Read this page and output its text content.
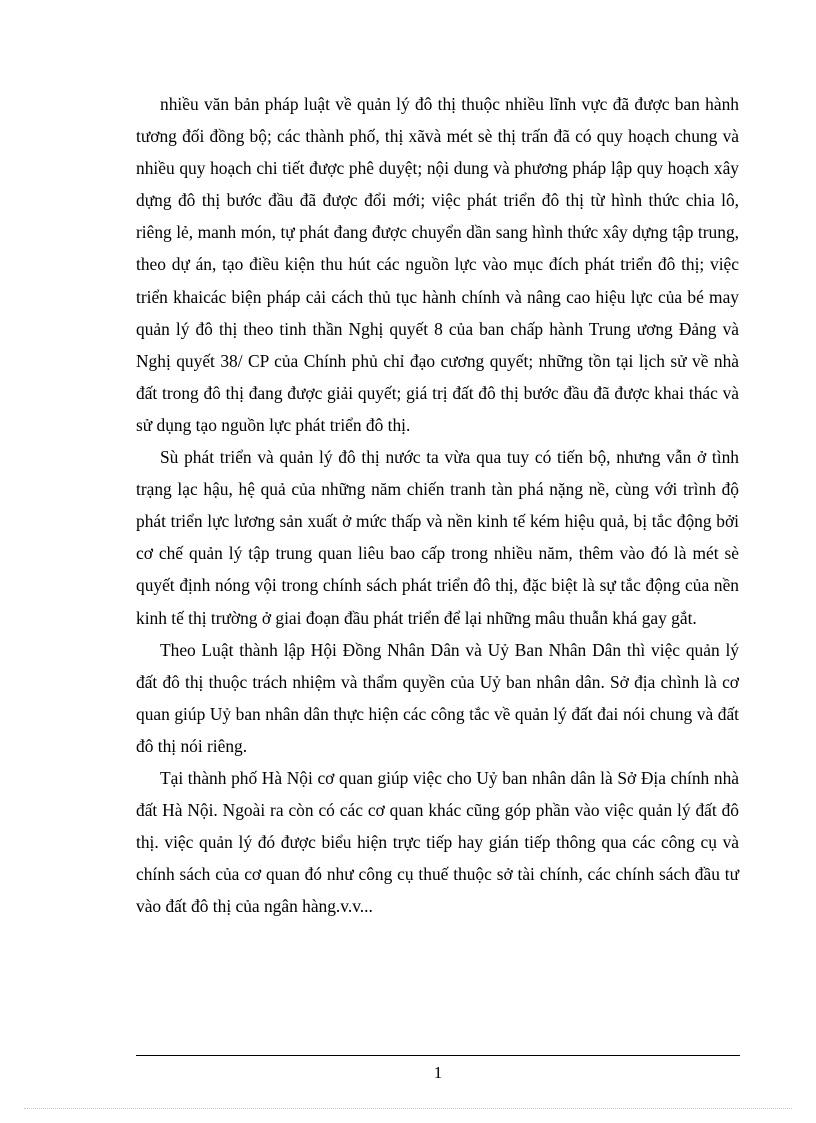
nhiều văn bản pháp luật về quản lý đô thị thuộc nhiều lĩnh vực đã được ban hành tương đối đồng bộ; các thành phố, thị xãvà mét sè thị trấn đã có quy hoạch chung và nhiều quy hoạch chi tiết được phê duyệt; nội dung và phương pháp lập quy hoạch xây dựng đô thị bước đầu đã được đổi mới; việc phát triển đô thị từ hình thức chia lô, riêng lẻ, manh món, tự phát đang được chuyển dần sang hình thức xây dựng tập trung, theo dự án, tạo điều kiện thu hút các nguồn lực vào mục đích phát triển đô thị; việc triển khaicác biện pháp cải cách thủ tục hành chính và nâng cao hiệu lực của bé may quản lý đô thị theo tinh thần Nghị quyết 8 của ban chấp hành Trung ương Đảng và Nghị quyết 38/ CP của Chính phủ chỉ đạo cương quyết; những tồn tại lịch sử về nhà đất trong đô thị đang được giải quyết; giá trị đất đô thị bước đầu đã được khai thác và sử dụng tạo nguồn lực phát triển đô thị.

Sù phát triển và quản lý đô thị nước ta vừa qua tuy có tiến bộ, nhưng vẫn ở tình trạng lạc hậu, hệ quả của những năm chiến tranh tàn phá nặng nề, cùng với trình độ phát triển lực lương sản xuất ở mức thấp và nền kinh tế kém hiệu quả, bị tắc động bởi cơ chế quản lý tập trung quan liêu bao cấp trong nhiều năm, thêm vào đó là mét sè quyết định nóng vội trong chính sách phát triển đô thị, đặc biệt là sự tắc động của nền kinh tế thị trường ở giai đoạn đầu phát triển để lại những mâu thuẫn khá gay gắt.

Theo Luật thành lập Hội Đồng Nhân Dân và Uỷ Ban Nhân Dân thì việc quản lý đất đô thị thuộc trách nhiệm và thẩm quyền của Uỷ ban nhân dân. Sở địa chình là cơ quan giúp Uỷ ban nhân dân thực hiện các công tắc về quản lý đất đai nói chung và đất đô thị nói riêng.

Tại thành phố Hà Nội cơ quan giúp việc cho Uỷ ban nhân dân là Sở Địa chính nhà đất Hà Nội. Ngoài ra còn có các cơ quan khác cũng góp phần vào việc quản lý đất đô thị. việc quản lý đó được biểu hiện trực tiếp hay gián tiếp thông qua các công cụ và chính sách của cơ quan đó như công cụ thuế thuộc sở tài chính, các chính sách đầu tư vào đất đô thị của ngân hàng.v.v...

1
